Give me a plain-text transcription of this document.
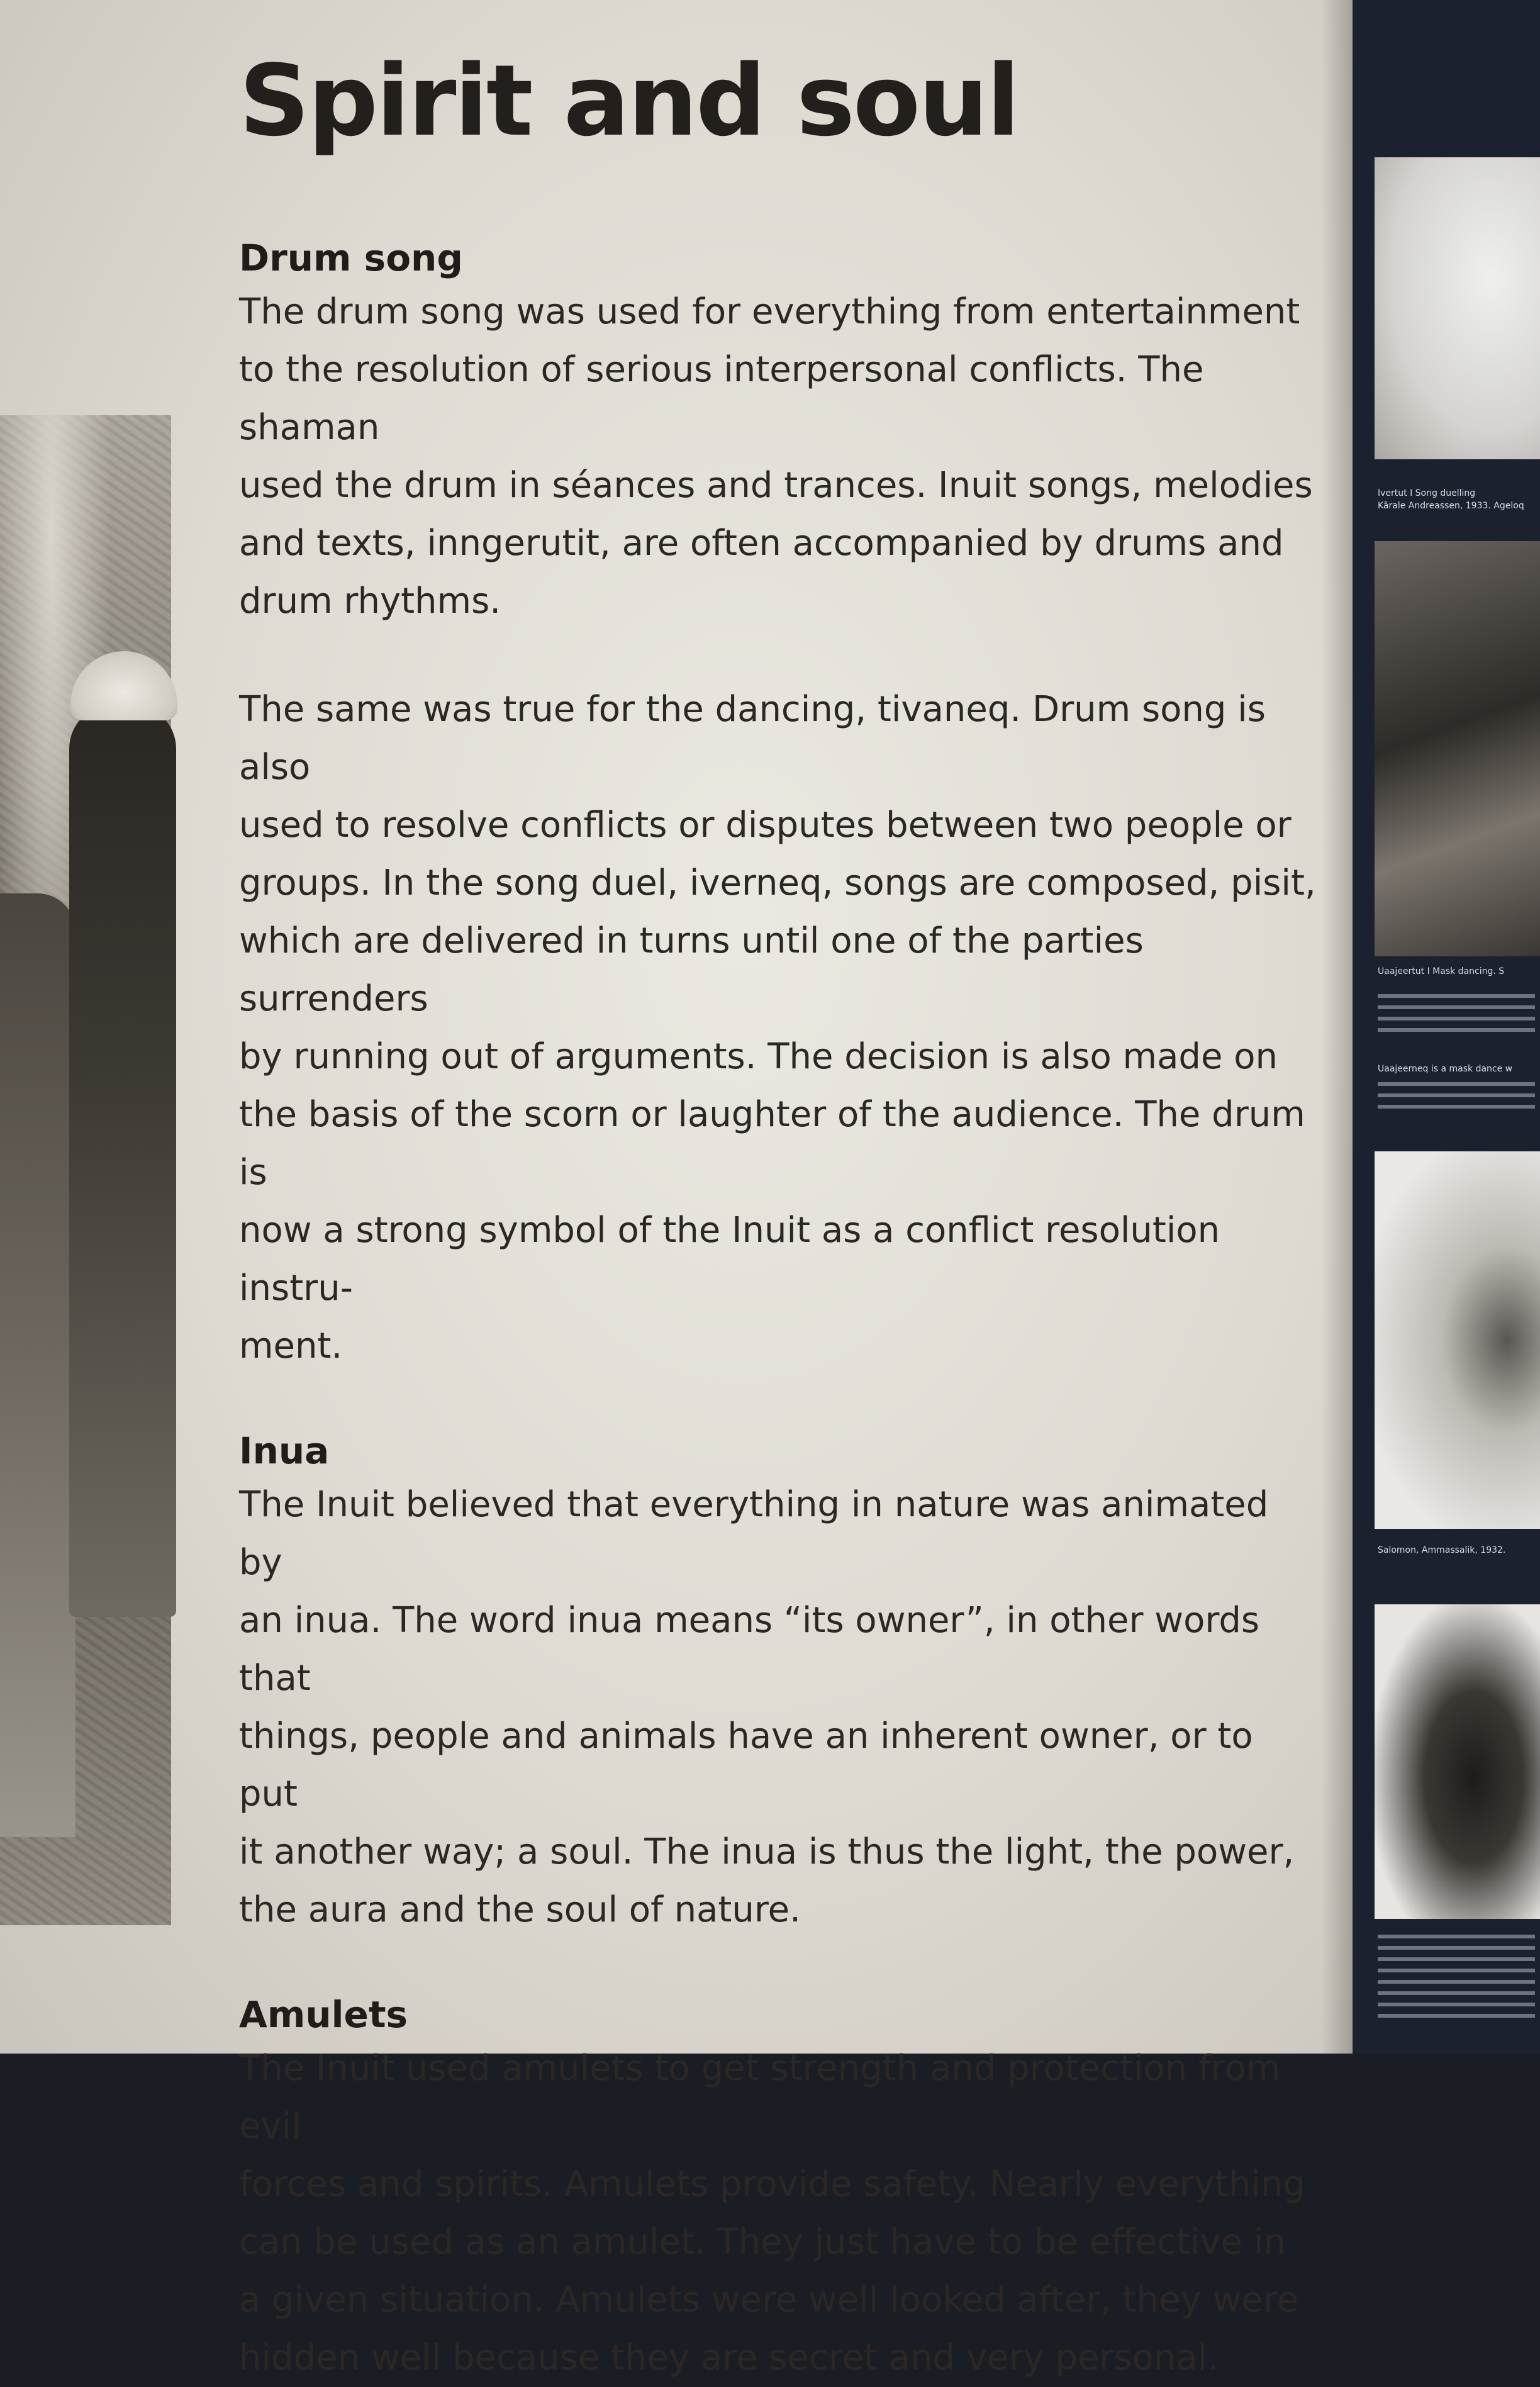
Spirit and soul
Drum song

The drum song was used for everything from entertainment
to the resolution of serious interpersonal conflicts. The shaman
used the drum in séances and trances. Inuit songs, melodies
and texts, inngerutit, are often accompanied by drums and
drum rhythms.

The same was true for the dancing, tivaneq. Drum song is also
used to resolve conflicts or disputes between two people or
groups. In the song duel, iverneq, songs are composed, pisit,
which are delivered in turns until one of the parties surrenders
by running out of arguments. The decision is also made on
the basis of the scorn or laughter of the audience. The drum is
now a strong symbol of the Inuit as a conflict resolution instru-
ment.

Inua

The Inuit believed that everything in nature was animated by
an inua. The word inua means “its owner”, in other words that
things, people and animals have an inherent owner, or to put
it another way; a soul. The inua is thus the light, the power,
the aura and the soul of nature.

Amulets

The Inuit used amulets to get strength and protection from evil
forces and spirits. Amulets provide safety. Nearly everything
can be used as an amulet. They just have to be effective in
a given situation. Amulets were well looked after, they were
hidden well because they are secret and very personal.

Ivertut I Song duelling
Kârale Andreassen, 1933. Ageloq
Uaajeertut I Mask dancing. S
Uaajeerneq is a mask dance w
Salomon, Ammassalik, 1932.
